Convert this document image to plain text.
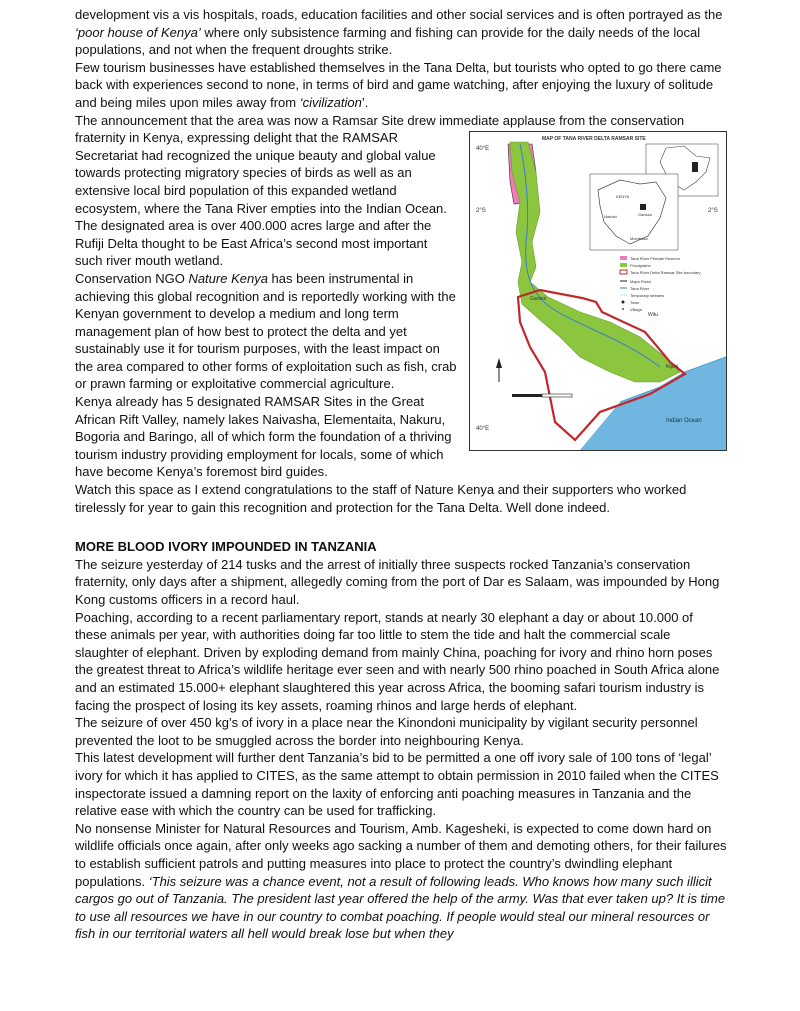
development vis a vis hospitals, roads, education facilities and other social services and is often portrayed as the ‘poor house of Kenya’ where only subsistence farming and fishing can provide for the daily needs of the local populations, and not when the frequent droughts strike.

Few tourism businesses have established themselves in the Tana Delta, but tourists who opted to go there came back with experiences second to none, in terms of bird and game watching, after enjoying the luxury of solitude and being miles upon miles away from ‘civilization’.

The announcement that the area was now a Ramsar Site drew immediate applause from the conservation

40°E
2°S	2°S
40°E
MAP OF TANA RIVER DELTA RAMSAR SITE
KENYA
Nairobi
Mombasa
Garissa
Tana River Primate Reserve
Floodplains
Tana River Delta Ramsar Site boundary
Major Road
Tana River
Temporary streams
Town
Village
Garsen
Kipini
Witu
Indian Ocean

fraternity in Kenya, expressing delight that the RAMSAR Secretariat had recognized the unique beauty and global value towards protecting migratory species of birds as well as an extensive local bird population of this expanded wetland ecosystem, where the Tana River empties into the Indian Ocean. The designated area is over 400.000 acres large and after the Rufiji Delta thought to be East Africa’s second most important such river mouth wetland.

Conservation NGO Nature Kenya has been instrumental in achieving this global recognition and is reportedly working with the Kenyan government to develop a medium and long term management plan of how best to protect the delta and yet sustainably use it for tourism purposes, with the least impact on the area compared to other forms of exploitation such as fish, crab or prawn farming or exploitative commercial agriculture.

Kenya already has 5 designated RAMSAR Sites in the Great African Rift Valley, namely lakes Naivasha, Elementaita, Nakuru, Bogoria and Baringo, all of which form the foundation of a thriving tourism industry providing employment for locals, some of which have become Kenya’s foremost bird guides.

Watch this space as I extend congratulations to the staff of Nature Kenya and their supporters who worked tirelessly for year to gain this recognition and protection for the Tana Delta. Well done indeed.

MORE BLOOD IVORY IMPOUNDED IN TANZANIA

The seizure yesterday of 214 tusks and the arrest of initially three suspects rocked Tanzania’s conservation fraternity, only days after a shipment, allegedly coming from the port of Dar es Salaam, was impounded by Hong Kong customs officers in a record haul.

Poaching, according to a recent parliamentary report, stands at nearly 30 elephant a day or about 10.000 of these animals per year, with authorities doing far too little to stem the tide and halt the commercial scale slaughter of elephant. Driven by exploding demand from mainly China, poaching for ivory and rhino horn poses the greatest threat to Africa’s wildlife heritage ever seen and with nearly 500 rhino poached in South Africa alone and an estimated 15.000+ elephant slaughtered this year across Africa, the booming safari tourism industry is facing the prospect of losing its key assets, roaming rhinos and large herds of elephant.

The seizure of over 450 kg’s of ivory in a place near the Kinondoni municipality by vigilant security personnel prevented the loot to be smuggled across the border into neighbouring Kenya.

This latest development will further dent Tanzania’s bid to be permitted a one off ivory sale of 100 tons of ‘legal’ ivory for which it has applied to CITES, as the same attempt to obtain permission in 2010 failed when the CITES inspectorate issued a damning report on the laxity of enforcing anti poaching measures in Tanzania and the relative ease with which the country can be used for trafficking.

No nonsense Minister for Natural Resources and Tourism, Amb. Kagesheki, is expected to come down hard on wildlife officials once again, after only weeks ago sacking a number of them and demoting others, for their failures to establish sufficient patrols and putting measures into place to protect the country’s dwindling elephant populations. ‘This seizure was a chance event, not a result of following leads. Who knows how many such illicit cargos go out of Tanzania. The president last year offered the help of the army. Was that ever taken up? It is time to use all resources we have in our country to combat poaching. If people would steal our mineral resources or fish in our territorial waters all hell would break lose but when they
